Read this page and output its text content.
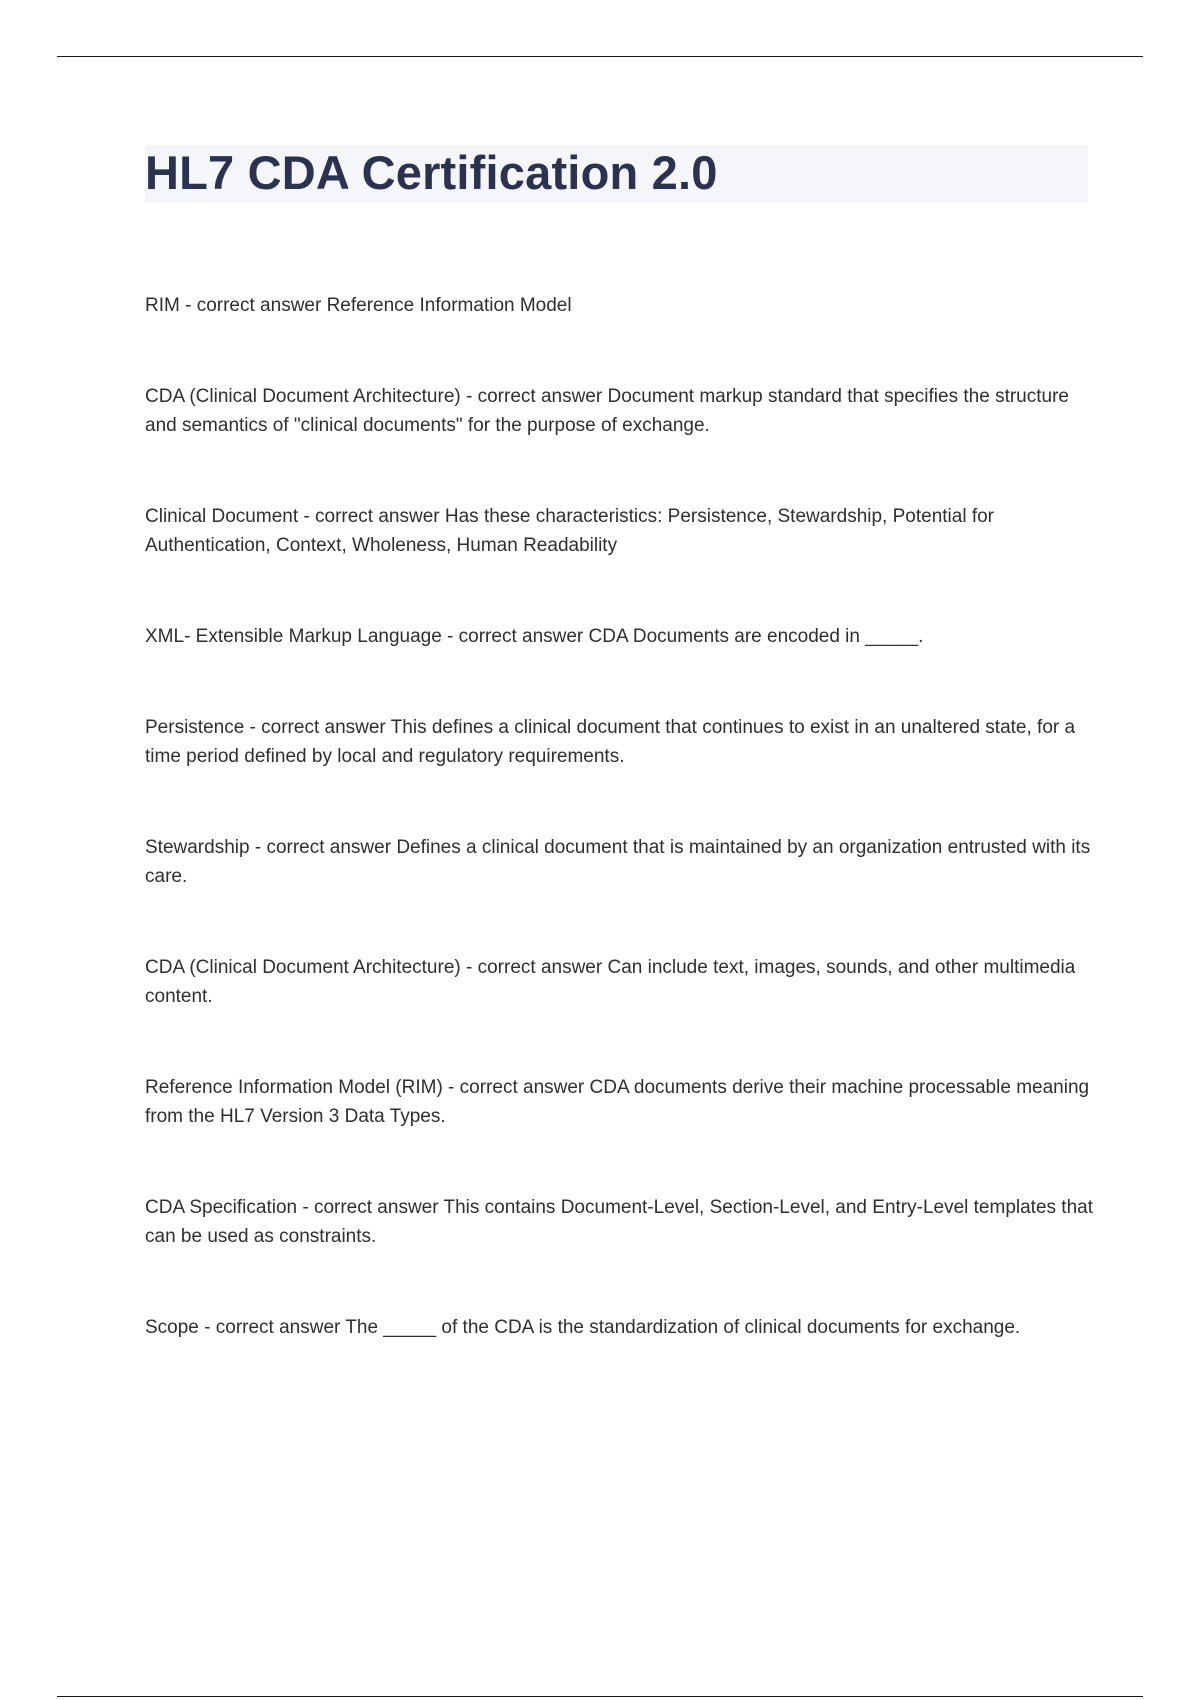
HL7 CDA Certification 2.0
RIM - correct answer Reference Information Model
CDA (Clinical Document Architecture) - correct answer Document markup standard that specifies the structure and semantics of "clinical documents" for the purpose of exchange.
Clinical Document - correct answer Has these characteristics: Persistence, Stewardship, Potential for Authentication, Context, Wholeness, Human Readability
XML- Extensible Markup Language - correct answer CDA Documents are encoded in _____.
Persistence - correct answer This defines a clinical document that continues to exist in an unaltered state, for a time period defined by local and regulatory requirements.
Stewardship - correct answer Defines a clinical document that is maintained by an organization entrusted with its care.
CDA (Clinical Document Architecture) - correct answer Can include text, images, sounds, and other multimedia content.
Reference Information Model (RIM) - correct answer CDA documents derive their machine processable meaning from the HL7 Version 3 Data Types.
CDA Specification - correct answer This contains Document-Level, Section-Level, and Entry-Level templates that can be used as constraints.
Scope - correct answer The _____ of the CDA is the standardization of clinical documents for exchange.
